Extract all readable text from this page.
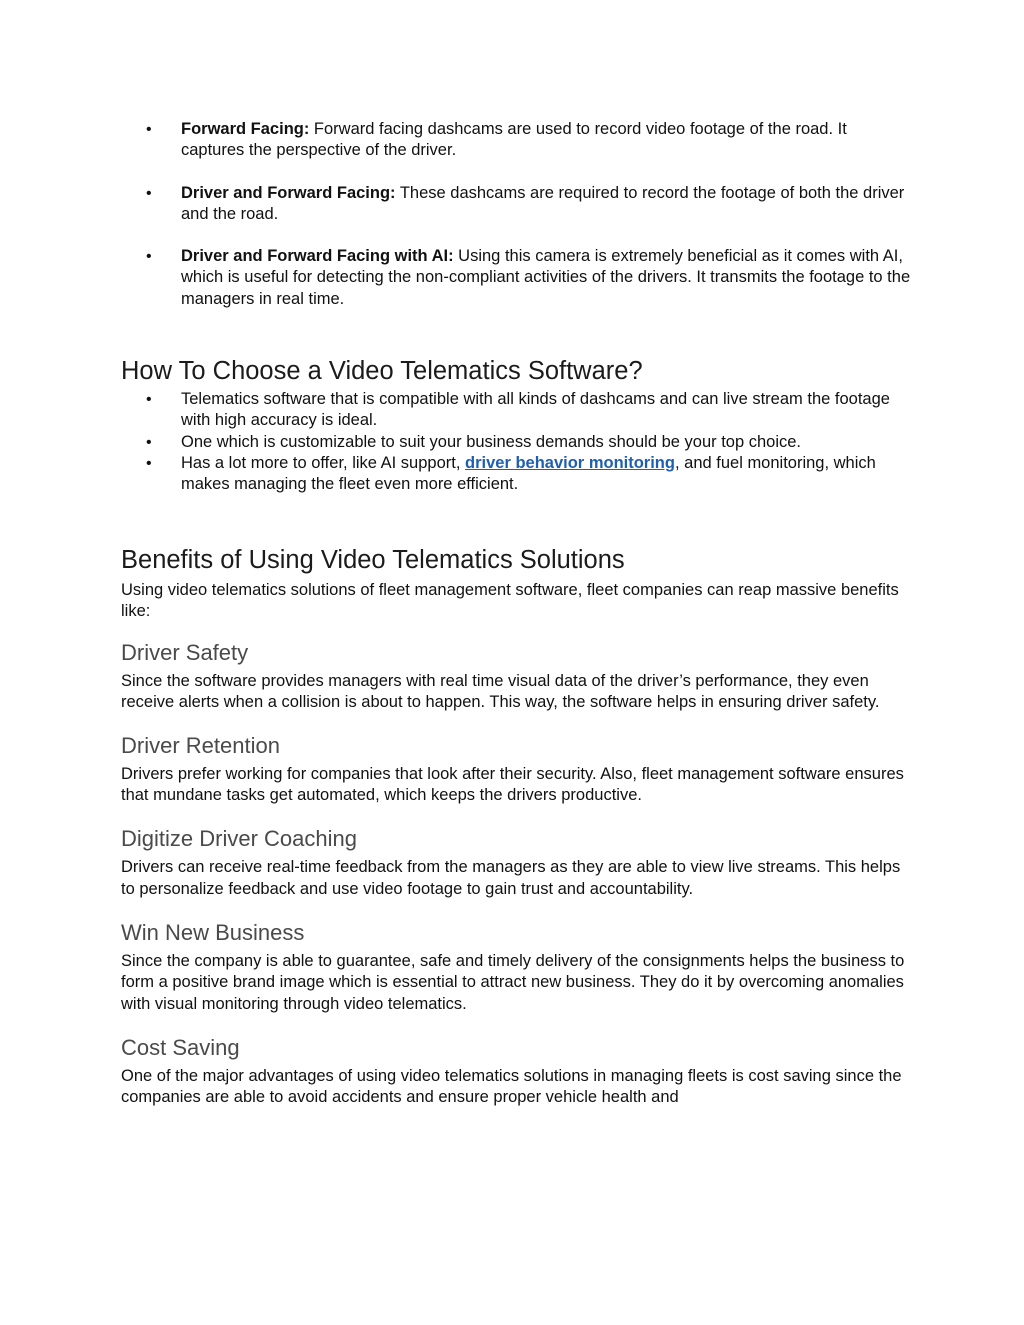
• Forward Facing: Forward facing dashcams are used to record video footage of the road. It captures the perspective of the driver.
• Driver and Forward Facing: These dashcams are required to record the footage of both the driver and the road.
• Driver and Forward Facing with AI: Using this camera is extremely beneficial as it comes with AI, which is useful for detecting the non-compliant activities of the drivers. It transmits the footage to the managers in real time.
How To Choose a Video Telematics Software?
• Telematics software that is compatible with all kinds of dashcams and can live stream the footage with high accuracy is ideal.
• One which is customizable to suit your business demands should be your top choice.
• Has a lot more to offer, like AI support, driver behavior monitoring, and fuel monitoring, which makes managing the fleet even more efficient.
Benefits of Using Video Telematics Solutions

Using video telematics solutions of fleet management software, fleet companies can reap massive benefits like:

Driver Safety

Since the software provides managers with real time visual data of the driver’s performance, they even receive alerts when a collision is about to happen. This way, the software helps in ensuring driver safety.

Driver Retention

Drivers prefer working for companies that look after their security. Also, fleet management software ensures that mundane tasks get automated, which keeps the drivers productive.

Digitize Driver Coaching

Drivers can receive real-time feedback from the managers as they are able to view live streams. This helps to personalize feedback and use video footage to gain trust and accountability.

Win New Business

Since the company is able to guarantee, safe and timely delivery of the consignments helps the business to form a positive brand image which is essential to attract new business. They do it by overcoming anomalies with visual monitoring through video telematics.

Cost Saving

One of the major advantages of using video telematics solutions in managing fleets is cost saving since the companies are able to avoid accidents and ensure proper vehicle health and
